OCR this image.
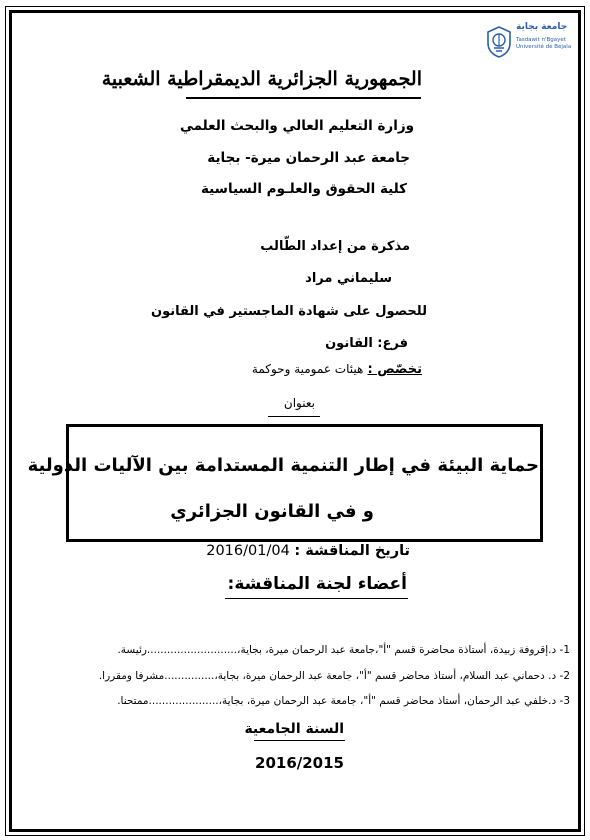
جامعة بجاية
Tasdawit n'Bgayet
Université de Béjaïa
الجمهورية الجزائرية الديمقراطية الشعبية
وزارة التعليم العالي والبحث العلمي
جامعة عبد الرحمان ميرة- بجاية
كلية الحقوق والعلـوم السياسية
مذكرة من إعداد الطّالب
سليماني مراد
للحصول على شهادة الماجستير في القانون
فرع: القانون
تخصّص : هيئات عمومية وحوكمة
بعنوان
حماية البيئة في إطار التنمية المستدامة بين الآليات الدولية
و في القانون الجزائري
تاريخ المناقشة : 2016/01/04
أعضاء لجنة المناقشة:
1- د.إقروفة زبيدة، أستاذة محاضرة قسم "أ"،جامعة عبد الرحمان ميرة، بجاية،...........................رئيسة.
2- د. دحماني عبد السلام، أستاذ محاضر قسم "أ"، جامعة عبد الرحمان ميرة، بجاية،...............مشرفا ومقررا.
3- د.خلفي عبد الرحمان، أستاذ محاضر قسم "أ"، جامعة عبد الرحمان ميرة، بجاية،.....................ممتحنا.
السنة الجامعية
2016/2015
